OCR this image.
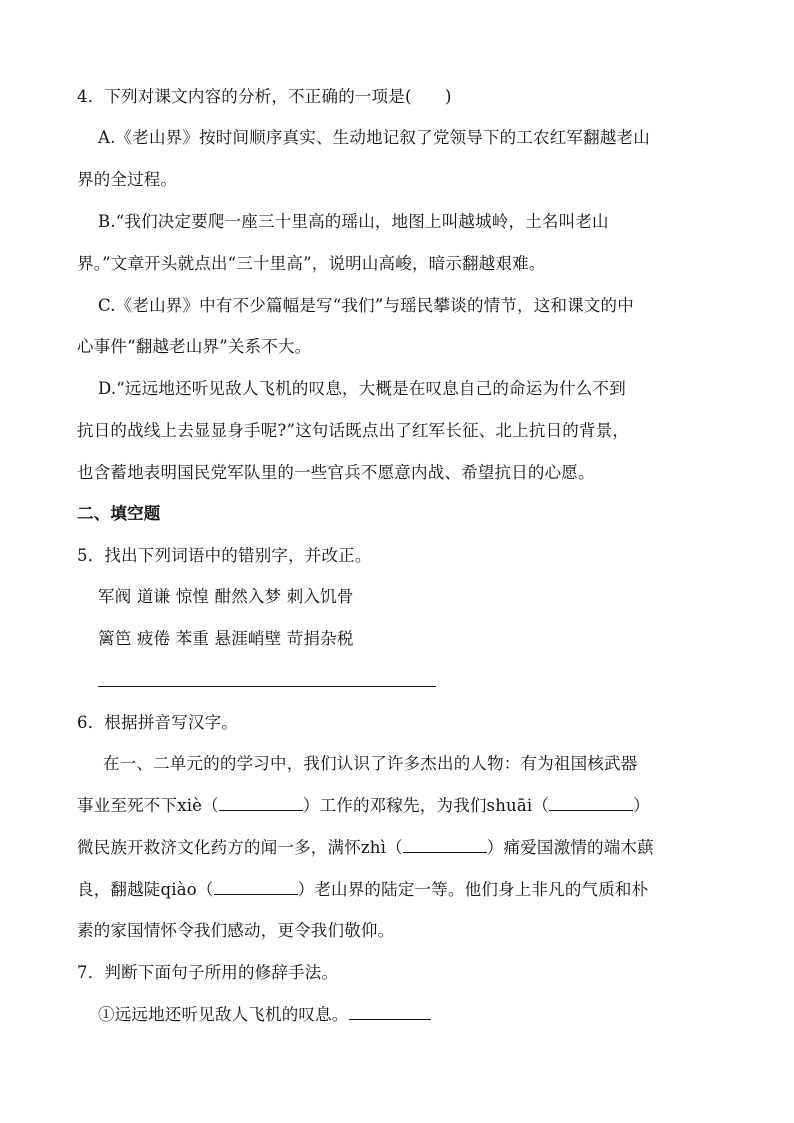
4．下列对课文内容的分析，不正确的一项是(　　)
A.《老山界》按时间顺序真实、生动地记叙了党领导下的工农红军翻越老山
界的全过程。
B.“我们决定要爬一座三十里高的瑶山，地图上叫越城岭，土名叫老山
界。”文章开头就点出“三十里高”，说明山高峻，暗示翻越艰难。
C.《老山界》中有不少篇幅是写“我们”与瑶民攀谈的情节，这和课文的中
心事件“翻越老山界”关系不大。
D.“远远地还听见敌人飞机的叹息，大概是在叹息自己的命运为什么不到
抗日的战线上去显显身手呢?”这句话既点出了红军长征、北上抗日的背景，
也含蓄地表明国民党军队里的一些官兵不愿意内战、希望抗日的心愿。
二、填空题
5．找出下列词语中的错别字，并改正。
军阀 道谦 惊惶 酣然入梦 刺入饥骨
篱笆 疲倦 苯重 悬涯峭壁 苛捐杂税
6．根据拼音写汉字。
在一、二单元的的学习中，我们认识了许多杰出的人物：有为祖国核武器
事业至死不下xiè（	）工作的邓稼先，为我们shuāi（	）
微民族开救济文化药方的闻一多，满怀zhì（	）痛爱国激情的端木蕻
良，翻越陡qiào（	）老山界的陆定一等。他们身上非凡的气质和朴
素的家国情怀令我们感动，更令我们敬仰。
7．判断下面句子所用的修辞手法。
①远远地还听见敌人飞机的叹息。
